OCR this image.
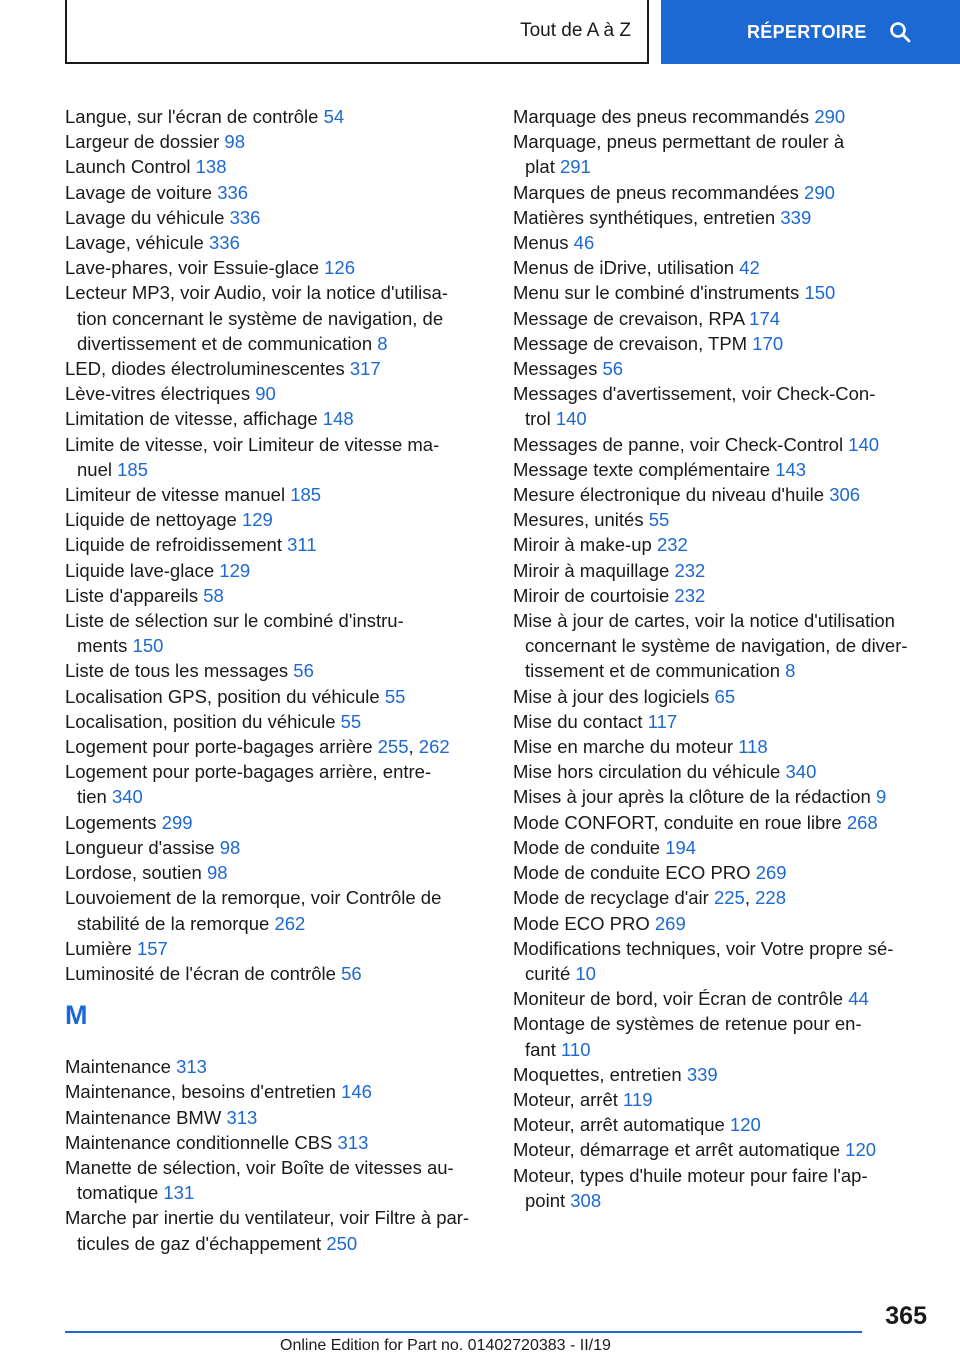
Tout de A à Z	RÉPERTOIRE
Langue, sur l'écran de contrôle 54
Largeur de dossier 98
Launch Control 138
Lavage de voiture 336
Lavage du véhicule 336
Lavage, véhicule 336
Lave-phares, voir Essuie-glace 126
Lecteur MP3, voir Audio, voir la notice d'utilisa-
tion concernant le système de navigation, de
divertissement et de communication 8
LED, diodes électroluminescentes 317
Lève-vitres électriques 90
Limitation de vitesse, affichage 148
Limite de vitesse, voir Limiteur de vitesse ma-
nuel 185
Limiteur de vitesse manuel 185
Liquide de nettoyage 129
Liquide de refroidissement 311
Liquide lave-glace 129
Liste d'appareils 58
Liste de sélection sur le combiné d'instru-
ments 150
Liste de tous les messages 56
Localisation GPS, position du véhicule 55
Localisation, position du véhicule 55
Logement pour porte-bagages arrière 255, 262
Logement pour porte-bagages arrière, entre-
tien 340
Logements 299
Longueur d'assise 98
Lordose, soutien 98
Louvoiement de la remorque, voir Contrôle de
stabilité de la remorque 262
Lumière 157
Luminosité de l'écran de contrôle 56
M
Maintenance 313
Maintenance, besoins d'entretien 146
Maintenance BMW 313
Maintenance conditionnelle CBS 313
Manette de sélection, voir Boîte de vitesses au-
tomatique 131
Marche par inertie du ventilateur, voir Filtre à par-
ticules de gaz d'échappement 250
Marquage des pneus recommandés 290
Marquage, pneus permettant de rouler à
plat 291
Marques de pneus recommandées 290
Matières synthétiques, entretien 339
Menus 46
Menus de iDrive, utilisation 42
Menu sur le combiné d'instruments 150
Message de crevaison, RPA 174
Message de crevaison, TPM 170
Messages 56
Messages d'avertissement, voir Check-Con-
trol 140
Messages de panne, voir Check-Control 140
Message texte complémentaire 143
Mesure électronique du niveau d'huile 306
Mesures, unités 55
Miroir à make-up 232
Miroir à maquillage 232
Miroir de courtoisie 232
Mise à jour de cartes, voir la notice d'utilisation
concernant le système de navigation, de diver-
tissement et de communication 8
Mise à jour des logiciels 65
Mise du contact 117
Mise en marche du moteur 118
Mise hors circulation du véhicule 340
Mises à jour après la clôture de la rédaction 9
Mode CONFORT, conduite en roue libre 268
Mode de conduite 194
Mode de conduite ECO PRO 269
Mode de recyclage d'air 225, 228
Mode ECO PRO 269
Modifications techniques, voir Votre propre sé-
curité 10
Moniteur de bord, voir Écran de contrôle 44
Montage de systèmes de retenue pour en-
fant 110
Moquettes, entretien 339
Moteur, arrêt 119
Moteur, arrêt automatique 120
Moteur, démarrage et arrêt automatique 120
Moteur, types d'huile moteur pour faire l'ap-
point 308
365
Online Edition for Part no. 01402720383 - II/19
